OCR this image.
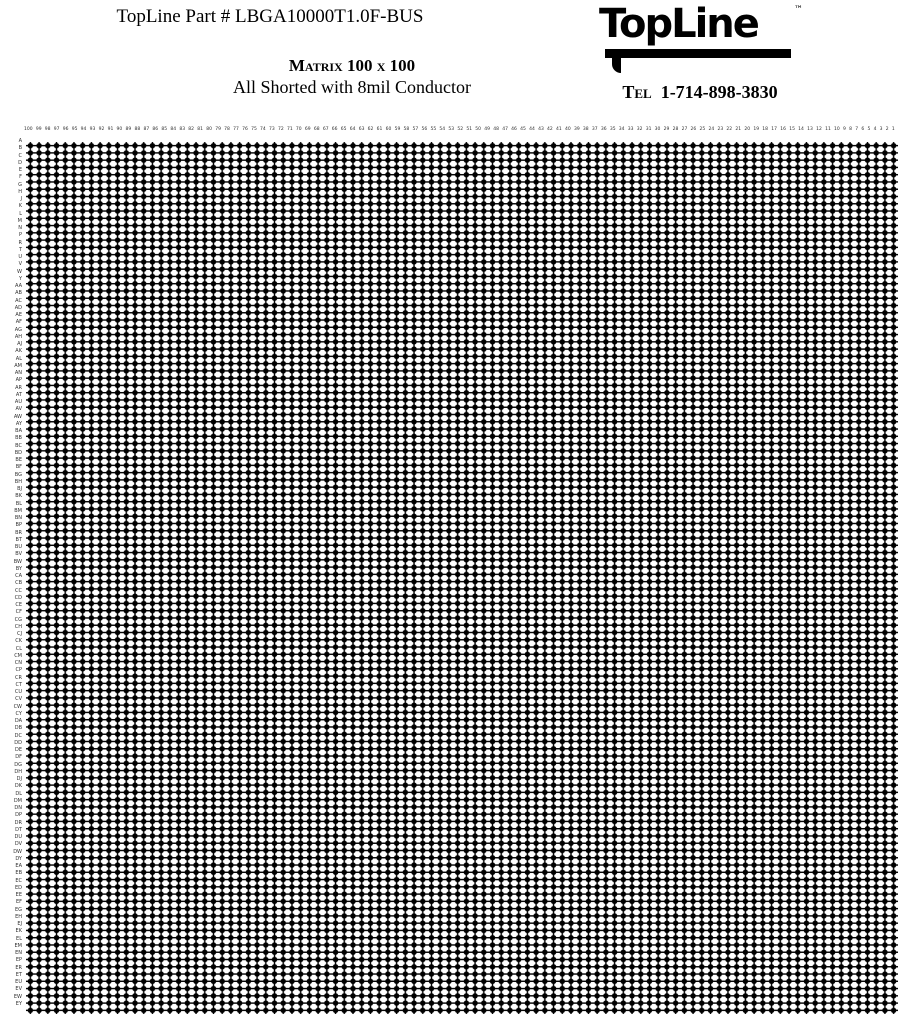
TopLine Part # LBGA10000T1.0F-BUS
Matrix 100 x 100
All Shorted with 8mil Conductor
TopLine	™
Tel 1-714-898-3830
100 99 98 97 96 95 94 93 92 91 90 89 88 87 86 85 84 83 82 81 80 79 78 77 76 75 74 73 72 71 70 69 68 67 66 65 64 63 62 61 60 59 58 57 56 55 54 53 52 51 50 49 48 47 46 45 44 43 42 41 40 39 38 37 36 35 34 33 32 31 30 29 28 27 26 25 24 23 22 21 20 19 18 17 16 15 14 13 12 11 10 9 8 7 6 5 4 3 2 1
A
B
C
D
E
F
G
H
J
K
L
M
N
P
R
T
U
V
W
Y
AA
AB
AC
AD
AE
AF
AG
AH
AJ
AK
AL
AM
AN
AP
AR
AT
AU
AV
AW
AY
BA
BB
BC
BD
BE
BF
BG
BH
BJ
BK
BL
BM
BN
BP
BR
BT
BU
BV
BW
BY
CA
CB
CC
CD
CE
CF
CG
CH
CJ
CK
CL
CM
CN
CP
CR
CT
CU
CV
CW
CY
DA
DB
DC
DD
DE
DF
DG
DH
DJ
DK
DL
DM
DN
DP
DR
DT
DU
DV
DW
DY
EA
EB
EC
ED
EE
EF
EG
EH
EJ
EK
EL
EM
EN
EP
ER
ET
EU
EV
EW
EY
